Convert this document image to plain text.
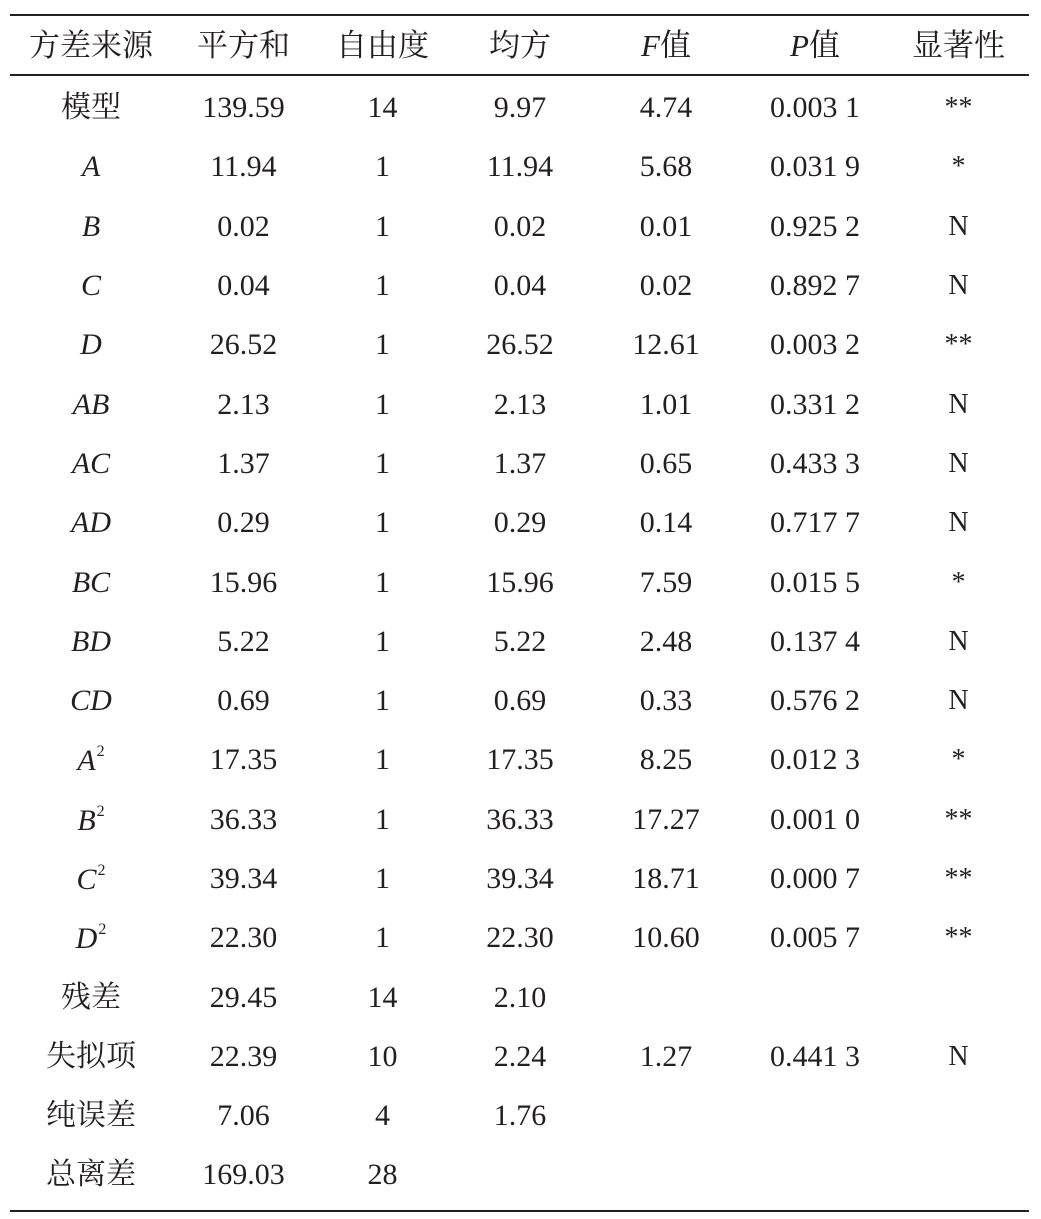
方差来源	平方和	自由度	均方	F值	P值	显著性
模型	139.59	14	9.97	4.74	0.003 1	**
A	11.94	1	11.94	5.68	0.031 9	*
B	0.02	1	0.02	0.01	0.925 2	N
C	0.04	1	0.04	0.02	0.892 7	N
D	26.52	1	26.52	12.61	0.003 2	**
AB	2.13	1	2.13	1.01	0.331 2	N
AC	1.37	1	1.37	0.65	0.433 3	N
AD	0.29	1	0.29	0.14	0.717 7	N
BC	15.96	1	15.96	7.59	0.015 5	*
BD	5.22	1	5.22	2.48	0.137 4	N
CD	0.69	1	0.69	0.33	0.576 2	N
$A^2$	17.35	1	17.35	8.25	0.012 3	*
$B^2$	36.33	1	36.33	17.27	0.001 0	**
$C^2$	39.34	1	39.34	18.71	0.000 7	**
$D^2$	22.30	1	22.30	10.60	0.005 7	**
残差	29.45	14	2.10
失拟项	22.39	10	2.24	1.27	0.441 3	N
纯误差	7.06	4	1.76
总离差	169.03	28
